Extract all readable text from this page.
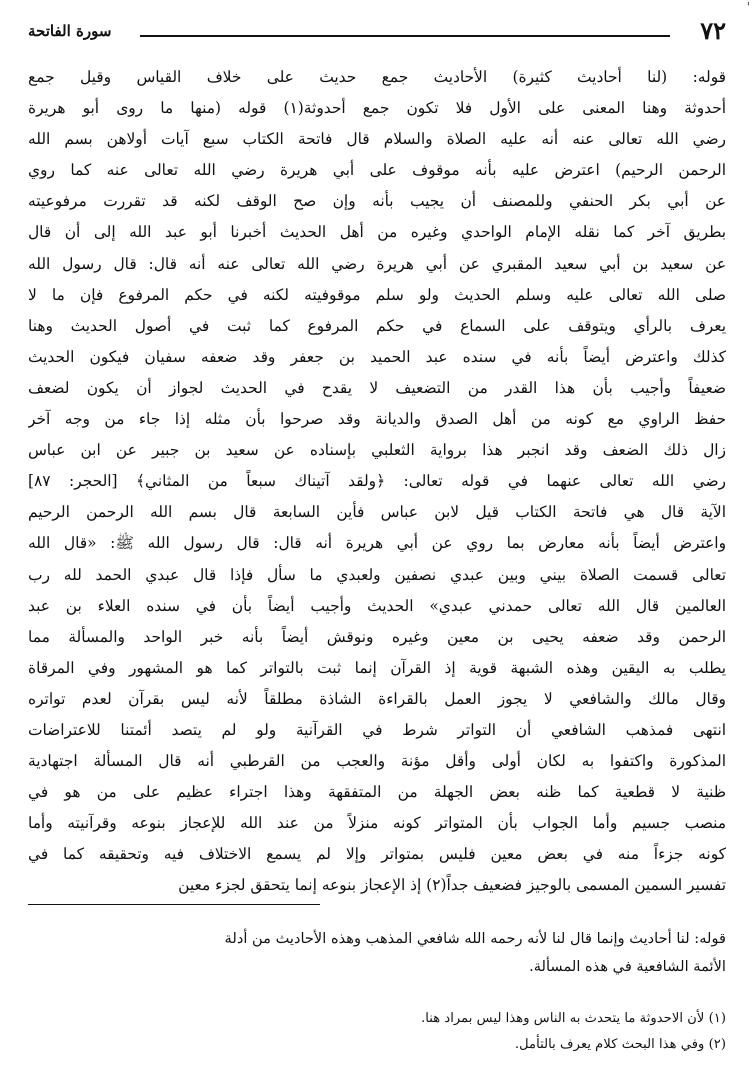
'
٧٢
سورة الفاتحة
قوله: (لنا أحاديث كثيرة) الأحاديث جمع حديث على خلاف القياس وقيل جمع
أحدوثة وهنا المعنى على الأول فلا تكون جمع أحدوثة(١) قوله (منها ما روى أبو هريرة
رضي الله تعالى عنه أنه عليه الصلاة والسلام قال فاتحة الكتاب سبع آيات أولاهن بسم الله
الرحمن الرحيم) اعترض عليه بأنه موقوف على أبي هريرة رضي الله تعالى عنه كما روي
عن أبي بكر الحنفي وللمصنف أن يجيب بأنه وإن صح الوقف لكنه قد تقررت مرفوعيته
بطريق آخر كما نقله الإمام الواحدي وغيره من أهل الحديث أخبرنا أبو عبد الله إلى أن قال
عن سعيد بن أبي سعيد المقبري عن أبي هريرة رضي الله تعالى عنه أنه قال: قال رسول الله
صلى الله تعالى عليه وسلم الحديث ولو سلم موقوفيته لكنه في حكم المرفوع فإن ما لا
يعرف بالرأي ويتوقف على السماع في حكم المرفوع كما ثبت في أصول الحديث وهنا
كذلك واعترض أيضاً بأنه في سنده عبد الحميد بن جعفر وقد ضعفه سفيان فيكون الحديث
ضعيفاً وأجيب بأن هذا القدر من التضعيف لا يقدح في الحديث لجواز أن يكون لضعف
حفظ الراوي مع كونه من أهل الصدق والديانة وقد صرحوا بأن مثله إذا جاء من وجه آخر
زال ذلك الضعف وقد انجبر هذا برواية الثعلبي بإسناده عن سعيد بن جبير عن ابن عباس
رضي الله تعالى عنهما في قوله تعالى: ﴿ولقد آتيناك سبعاً من المثاني﴾ [الحجر: ٨٧]
الآية قال هي فاتحة الكتاب قيل لابن عباس فأين السابعة قال بسم الله الرحمن الرحيم
واعترض أيضاً بأنه معارض بما روي عن أبي هريرة أنه قال: قال رسول الله ﷺ: «قال الله
تعالى قسمت الصلاة بيني وبين عبدي نصفين ولعبدي ما سأل فإذا قال عبدي الحمد لله رب
العالمين قال الله تعالى حمدني عبدي» الحديث وأجيب أيضاً بأن في سنده العلاء بن عبد
الرحمن وقد ضعفه يحيى بن معين وغيره ونوقش أيضاً بأنه خبر الواحد والمسألة مما
يطلب به اليقين وهذه الشبهة قوية إذ القرآن إنما ثبت بالتواتر كما هو المشهور وفي المرقاة
وقال مالك والشافعي لا يجوز العمل بالقراءة الشاذة مطلقاً لأنه ليس بقرآن لعدم تواتره
انتهى فمذهب الشافعي أن التواتر شرط في القرآنية ولو لم يتصد أئمتنا للاعتراضات
المذكورة واكتفوا به لكان أولى وأقل مؤنة والعجب من القرطبي أنه قال المسألة اجتهادية
ظنية لا قطعية كما ظنه بعض الجهلة من المتفقهة وهذا اجتراء عظيم على من هو في
منصب جسيم وأما الجواب بأن المتواتر كونه منزلاً من عند الله للإعجاز بنوعه وقرآنيته وأما
كونه جزءاً منه في بعض معين فليس بمتواتر وإلا لم يسمع الاختلاف فيه وتحقيقه كما في
تفسير السمين المسمى بالوجيز فضعيف جداً(٢) إذ الإعجاز بنوعه إنما يتحقق لجزء معين
قوله: لنا أحاديث وإنما قال لنا لأنه رحمه الله شافعي المذهب وهذه الأحاديث من أدلة
الأئمة الشافعية في هذه المسألة.
(١) لأن الاحدوثة ما يتحدث به الناس وهذا ليس بمراد هنا.
(٢) وفي هذا البحث كلام يعرف بالتأمل.
